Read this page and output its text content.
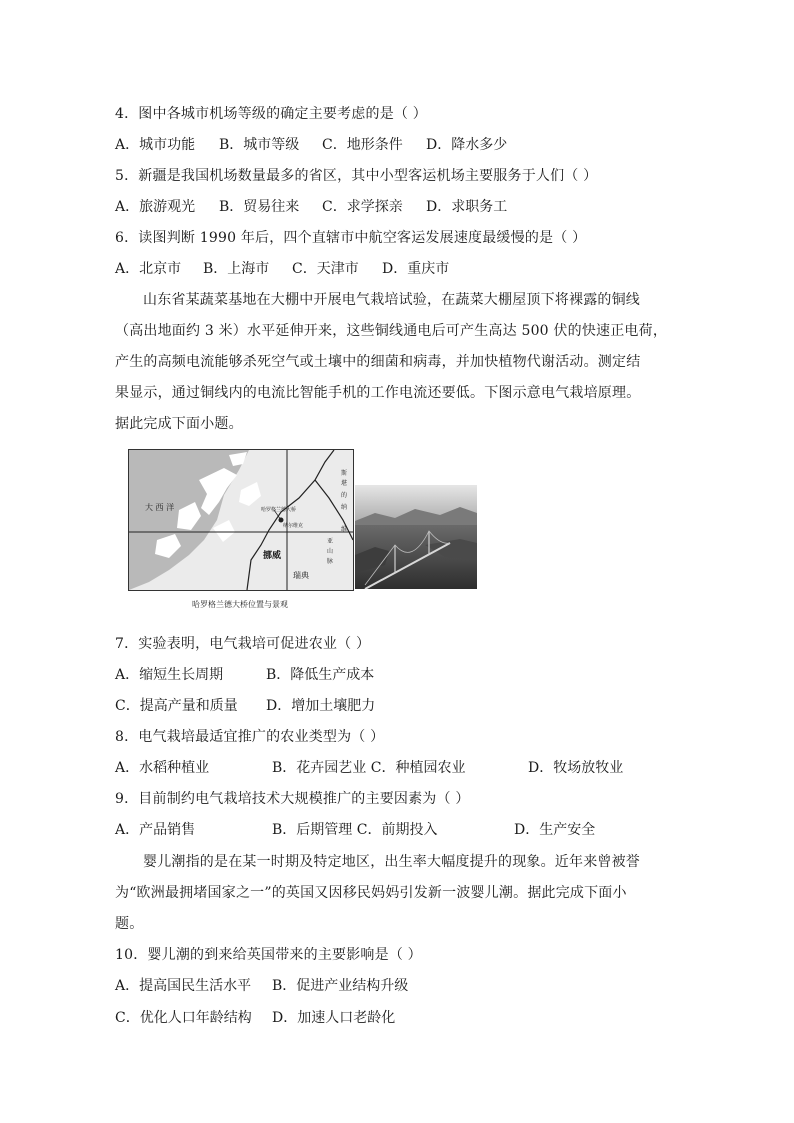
4．图中各城市机场等级的确定主要考虑的是（ ）
A．城市功能 B．城市等级 C．地形条件 D．降水多少
5．新疆是我国机场数量最多的省区，其中小型客运机场主要服务于人们（ ）
A．旅游观光 B．贸易往来 C．求学探亲 D．求职务工
6．读图判断 1990 年后，四个直辖市中航空客运发展速度最缓慢的是（ ）
A．北京市 B．上海市 C．天津市 D．重庆市
山东省某蔬菜基地在大棚中开展电气栽培试验，在蔬菜大棚屋顶下将裸露的铜线
（高出地面约 3 米）水平延伸开来，这些铜线通电后可产生高达 500 伏的快速正电荷，
产生的高频电流能够杀死空气或土壤中的细菌和病毒，并加快植物代谢活动。测定结
果显示，通过铜线内的电流比智能手机的工作电流还要低。下图示意电气栽培原理。
据此完成下面小题。
大 西 洋
挪威
瑞典
哈罗格兰德大桥
纳尔维克
斯
堪
的
纳
维
亚
山
脉
哈罗格兰德大桥位置与景观
7．实验表明，电气栽培可促进农业（ ）
A．缩短生长周期	B．降低生产成本
C．提高产量和质量 D．增加土壤肥力
8．电气栽培最适宜推广的农业类型为（ ）
A．水稻种植业	B．花卉园艺业 C．种植园农业	D．牧场放牧业
9．目前制约电气栽培技术大规模推广的主要因素为（ ）
A．产品销售	B．后期管理 C．前期投入	D．生产安全
婴儿潮指的是在某一时期及特定地区，出生率大幅度提升的现象。近年来曾被誉
为“欧洲最拥堵国家之一”的英国又因移民妈妈引发新一波婴儿潮。据此完成下面小
题。
10．婴儿潮的到来给英国带来的主要影响是（ ）
A．提高国民生活水平 B．促进产业结构升级
C．优化人口年龄结构 D．加速人口老龄化
